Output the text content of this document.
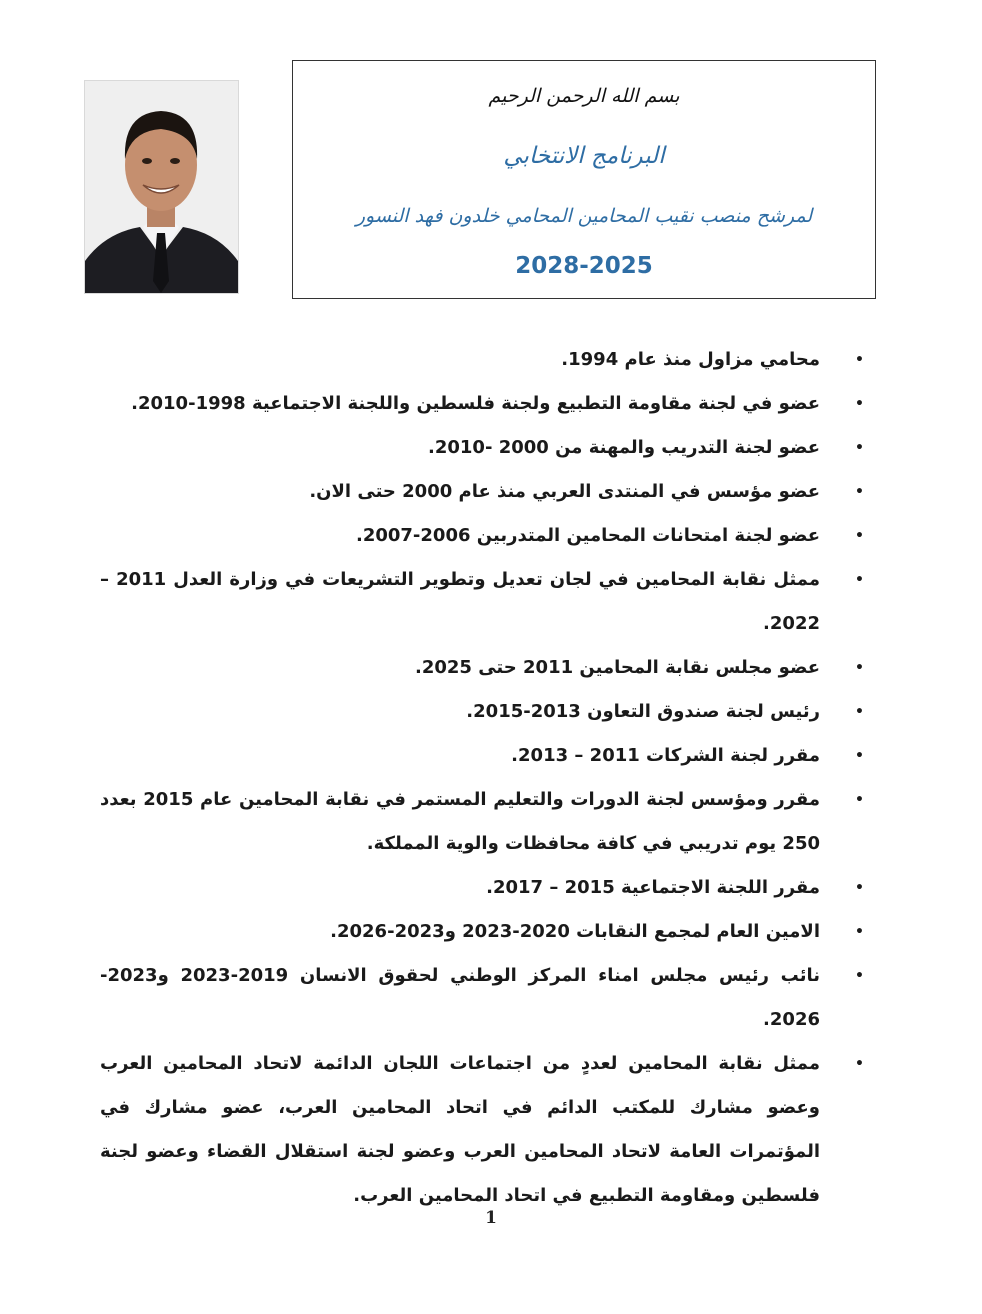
بسم الله الرحمن الرحيم
البرنامج الانتخابي
لمرشح منصب نقيب المحامين المحامي خلدون فهد النسور
2028-2025
•
محامي مزاول منذ عام 1994.
•
عضو في لجنة مقاومة التطبيع ولجنة فلسطين واللجنة الاجتماعية 1998-2010.
•
عضو لجنة التدريب والمهنة من 2000 -2010.
•
عضو مؤسس في المنتدى العربي منذ عام 2000 حتى الان.
•
عضو لجنة امتحانات المحامين المتدربين 2006-2007.
•
ممثل نقابة المحامين في لجان تعديل وتطوير التشريعات في وزارة العدل 2011 – 2022.
•
عضو مجلس نقابة المحامين 2011 حتى 2025.
•
رئيس لجنة صندوق التعاون 2013-2015.
•
مقرر لجنة الشركات 2011 – 2013.
•
مقرر ومؤسس لجنة الدورات والتعليم المستمر في نقابة المحامين عام 2015 بعدد 250 يوم تدريبي في كافة محافظات والوية المملكة.
•
مقرر اللجنة الاجتماعية 2015 – 2017.
•
الامين العام لمجمع النقابات 2020-2023 و2023-2026.
•
نائب رئيس مجلس امناء المركز الوطني لحقوق الانسان 2019-2023 و2023-2026.
•
ممثل نقابة المحامين لعددٍ من اجتماعات اللجان الدائمة لاتحاد المحامين العرب وعضو مشارك للمكتب الدائم في اتحاد المحامين العرب، عضو مشارك في المؤتمرات العامة لاتحاد المحامين العرب وعضو لجنة استقلال القضاء وعضو لجنة فلسطين ومقاومة التطبيع في اتحاد المحامين العرب.
1
